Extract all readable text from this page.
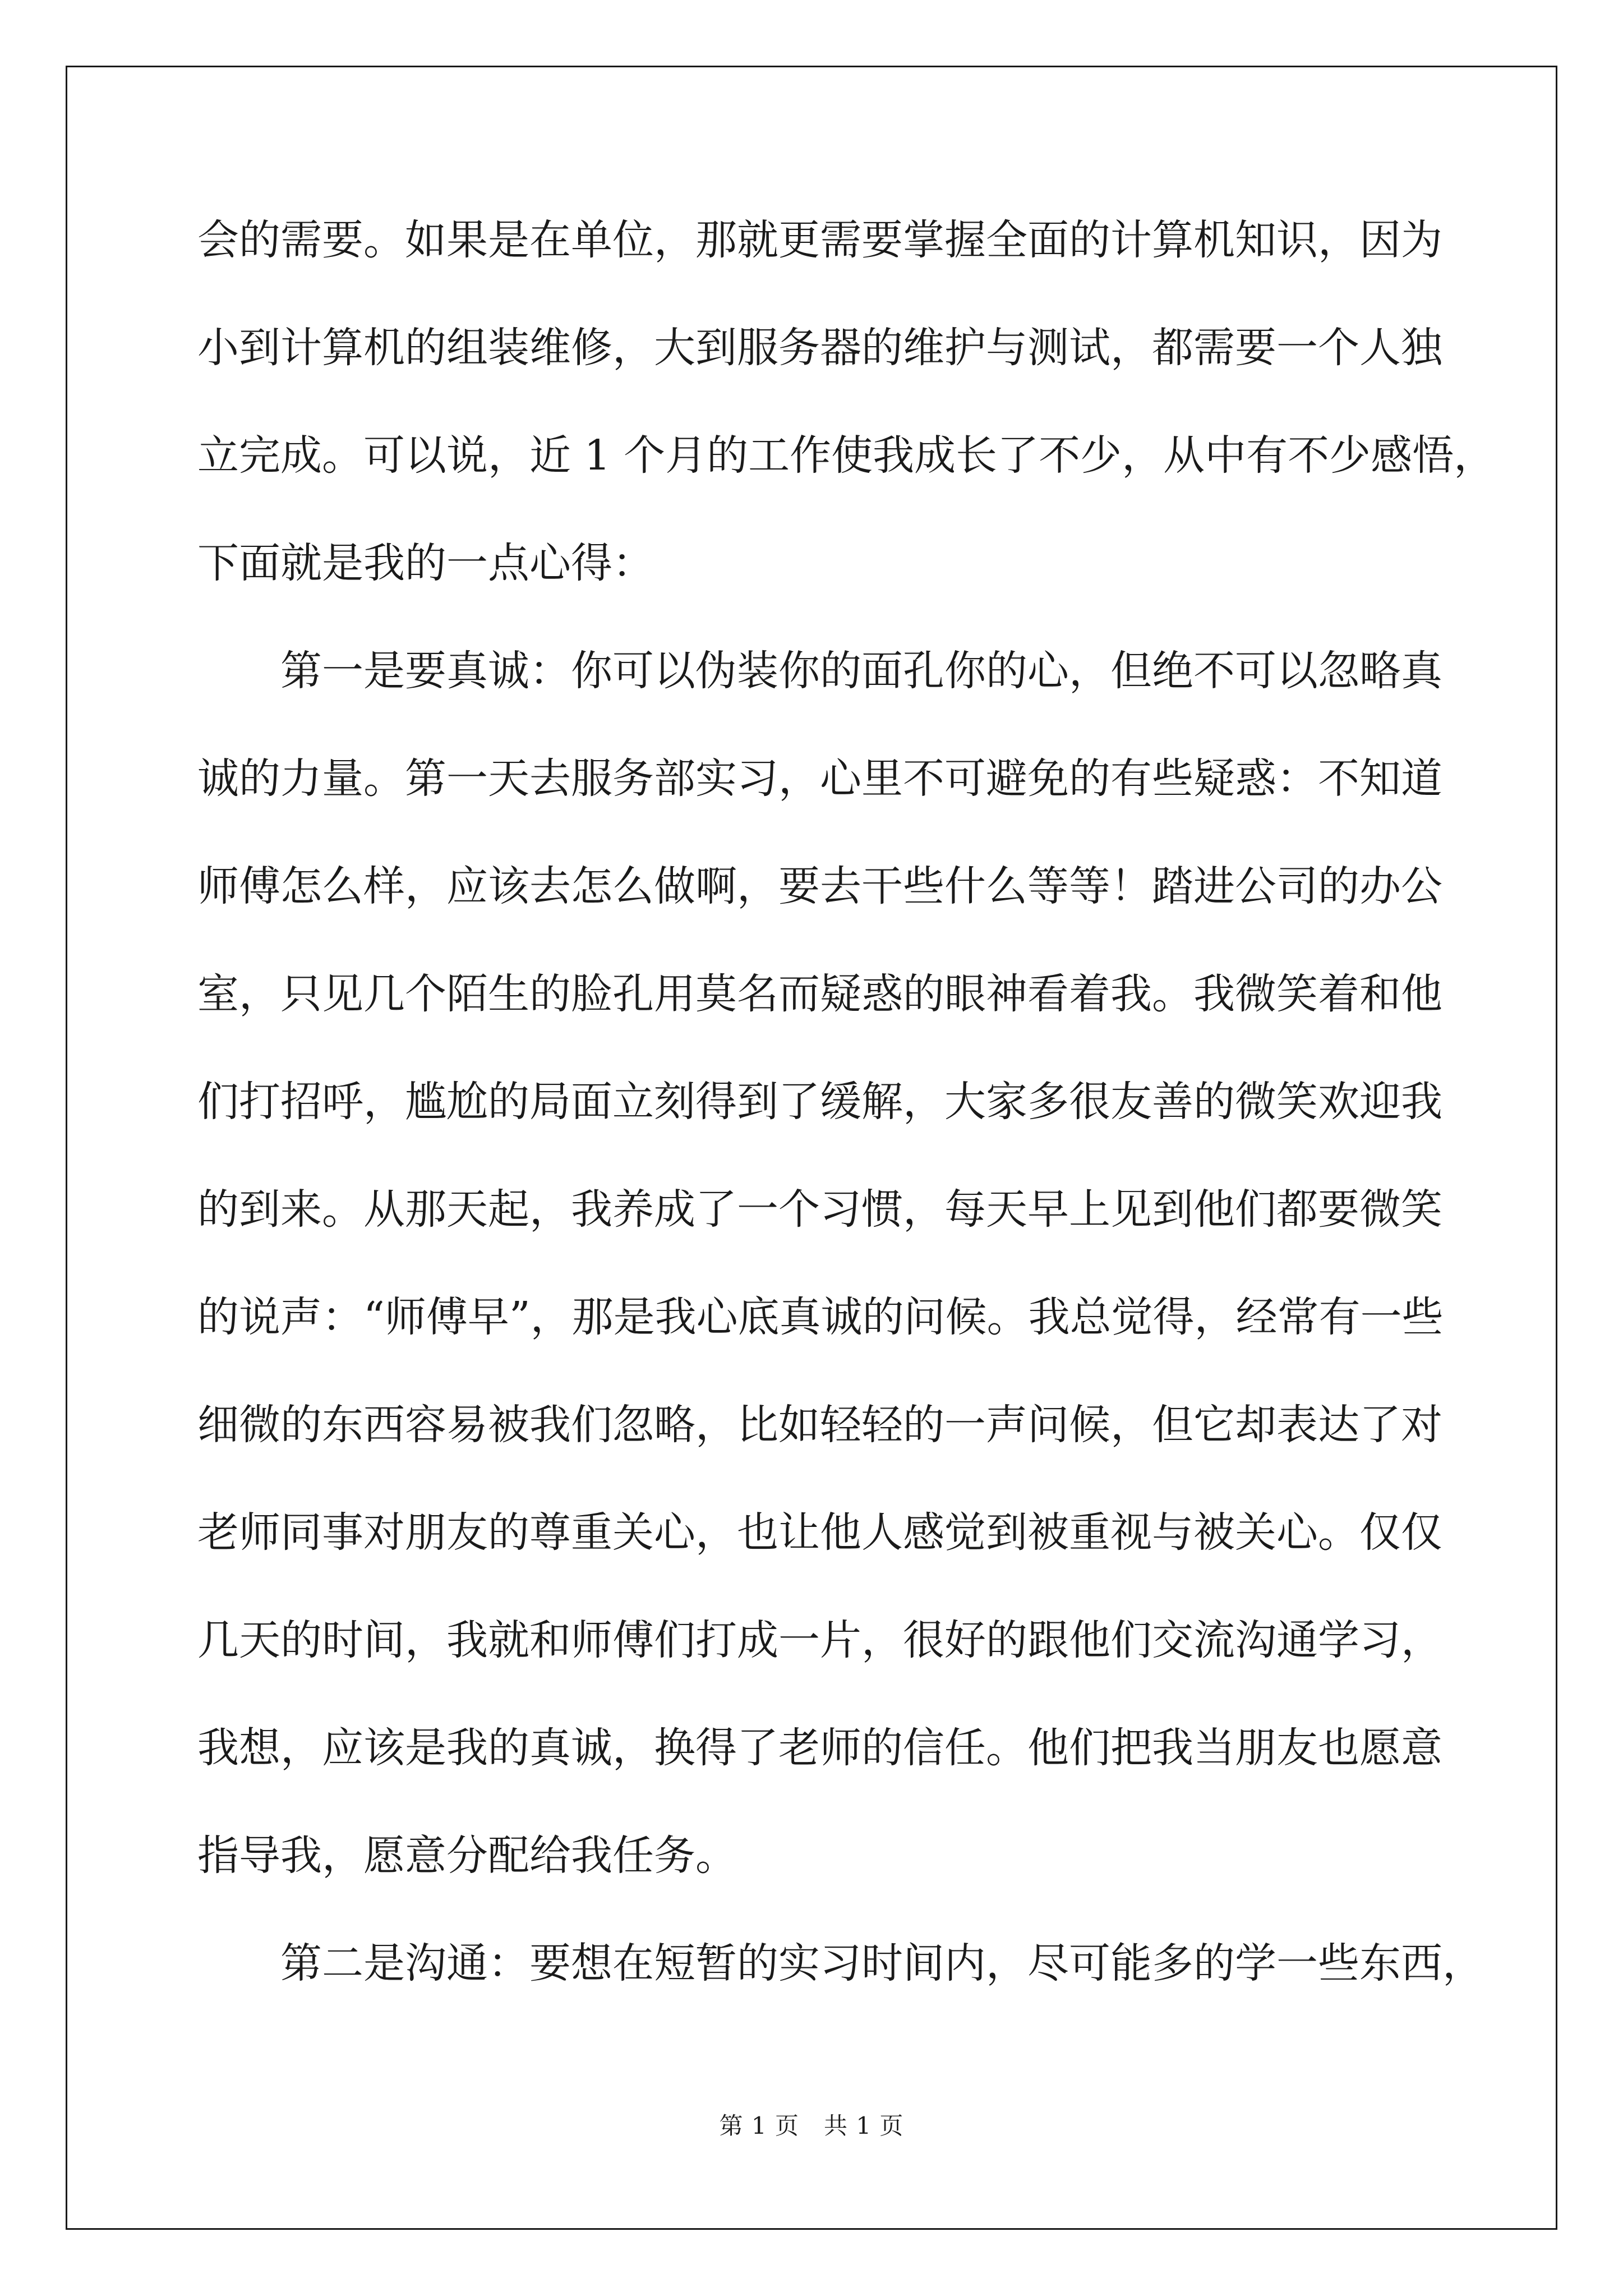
会的需要。如果是在单位，那就更需要掌握全面的计算机知识，因为
小到计算机的组装维修，大到服务器的维护与测试，都需要一个人独
立完成。可以说，近 1 个月的工作使我成长了不少，从中有不少感悟，
下面就是我的一点心得：
第一是要真诚：你可以伪装你的面孔你的心，但绝不可以忽略真
诚的力量。第一天去服务部实习，心里不可避免的有些疑惑：不知道
师傅怎么样，应该去怎么做啊，要去干些什么等等！踏进公司的办公
室，只见几个陌生的脸孔用莫名而疑惑的眼神看着我。我微笑着和他
们打招呼，尴尬的局面立刻得到了缓解，大家多很友善的微笑欢迎我
的到来。从那天起，我养成了一个习惯，每天早上见到他们都要微笑
的说声：“师傅早”，那是我心底真诚的问候。我总觉得，经常有一些
细微的东西容易被我们忽略，比如轻轻的一声问候，但它却表达了对
老师同事对朋友的尊重关心，也让他人感觉到被重视与被关心。仅仅
几天的时间，我就和师傅们打成一片，很好的跟他们交流沟通学习，
我想，应该是我的真诚，换得了老师的信任。他们把我当朋友也愿意
指导我，愿意分配给我任务。
第二是沟通：要想在短暂的实习时间内，尽可能多的学一些东西，
第 1 页 共 1 页
